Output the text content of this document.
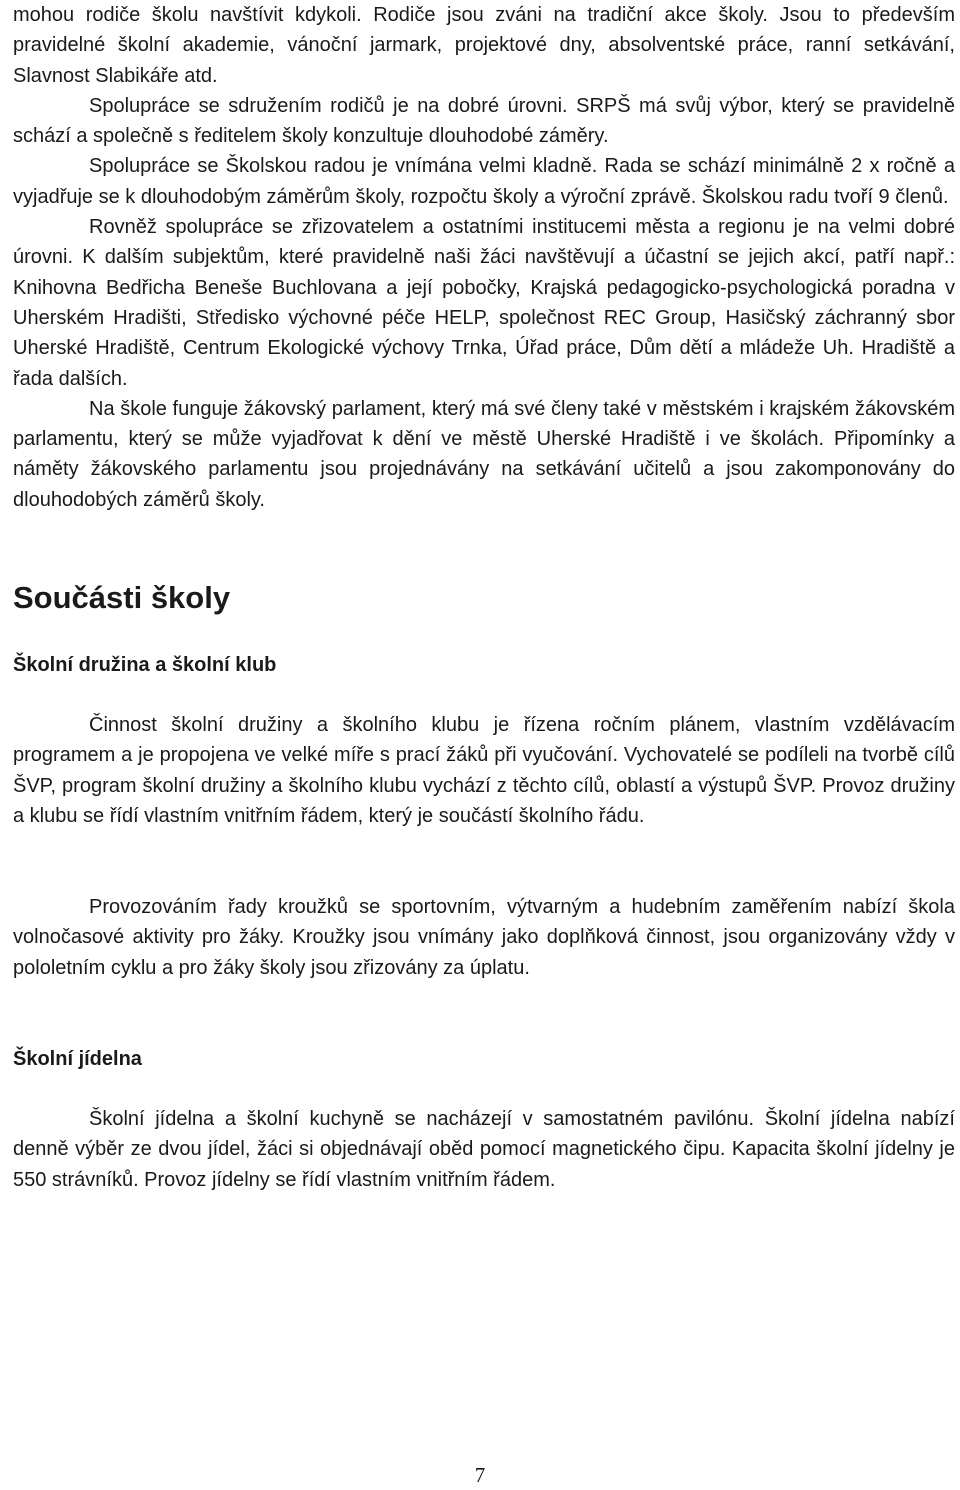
mohou rodiče školu navštívit kdykoli. Rodiče jsou zváni na tradiční akce školy. Jsou to především pravidelné školní akademie, vánoční jarmark, projektové dny, absolventské práce, ranní setkávání, Slavnost Slabikáře atd.

Spolupráce se sdružením rodičů je na dobré úrovni. SRPŠ má svůj výbor, který se pravidelně schází a společně s ředitelem školy konzultuje dlouhodobé záměry.

Spolupráce se Školskou radou je vnímána velmi kladně. Rada se schází minimálně 2 x ročně a vyjadřuje se k dlouhodobým záměrům školy, rozpočtu školy a výroční zprávě. Školskou radu tvoří 9 členů.

Rovněž spolupráce se zřizovatelem a ostatními institucemi města a regionu je na velmi dobré úrovni. K dalším subjektům, které pravidelně naši žáci navštěvují a účastní se jejich akcí, patří např.: Knihovna Bedřicha Beneše Buchlovana a její pobočky, Krajská pedagogicko-psychologická poradna v Uherském Hradišti, Středisko výchovné péče HELP, společnost REC Group, Hasičský záchranný sbor Uherské Hradiště, Centrum Ekologické výchovy Trnka, Úřad práce, Dům dětí a mládeže Uh. Hradiště a řada dalších.

Na škole funguje žákovský parlament, který má své členy také v městském i krajském žákovském parlamentu, který se může vyjadřovat k dění ve městě Uherské Hradiště i ve školách. Připomínky a náměty žákovského parlamentu jsou projednávány na setkávání učitelů a jsou zakomponovány do dlouhodobých záměrů školy.

Součásti školy
Školní družina a školní klub

Činnost školní družiny a školního klubu je řízena ročním plánem, vlastním vzdělávacím programem a je propojena ve velké míře s prací žáků při vyučování. Vychovatelé se podíleli na tvorbě cílů ŠVP, program školní družiny a školního klubu vychází z těchto cílů, oblastí a výstupů ŠVP. Provoz družiny a klubu se řídí vlastním vnitřním řádem, který je součástí školního řádu.

Provozováním řady kroužků se sportovním, výtvarným a hudebním zaměřením nabízí škola volnočasové aktivity pro žáky. Kroužky jsou vnímány jako doplňková činnost, jsou organizovány vždy v pololetním cyklu a pro žáky školy jsou zřizovány za úplatu.

Školní jídelna

Školní jídelna a školní kuchyně se nacházejí v samostatném pavilónu. Školní jídelna nabízí denně výběr ze dvou jídel, žáci si objednávají oběd pomocí magnetického čipu. Kapacita školní jídelny je 550 strávníků. Provoz jídelny se řídí vlastním vnitřním řádem.

7
